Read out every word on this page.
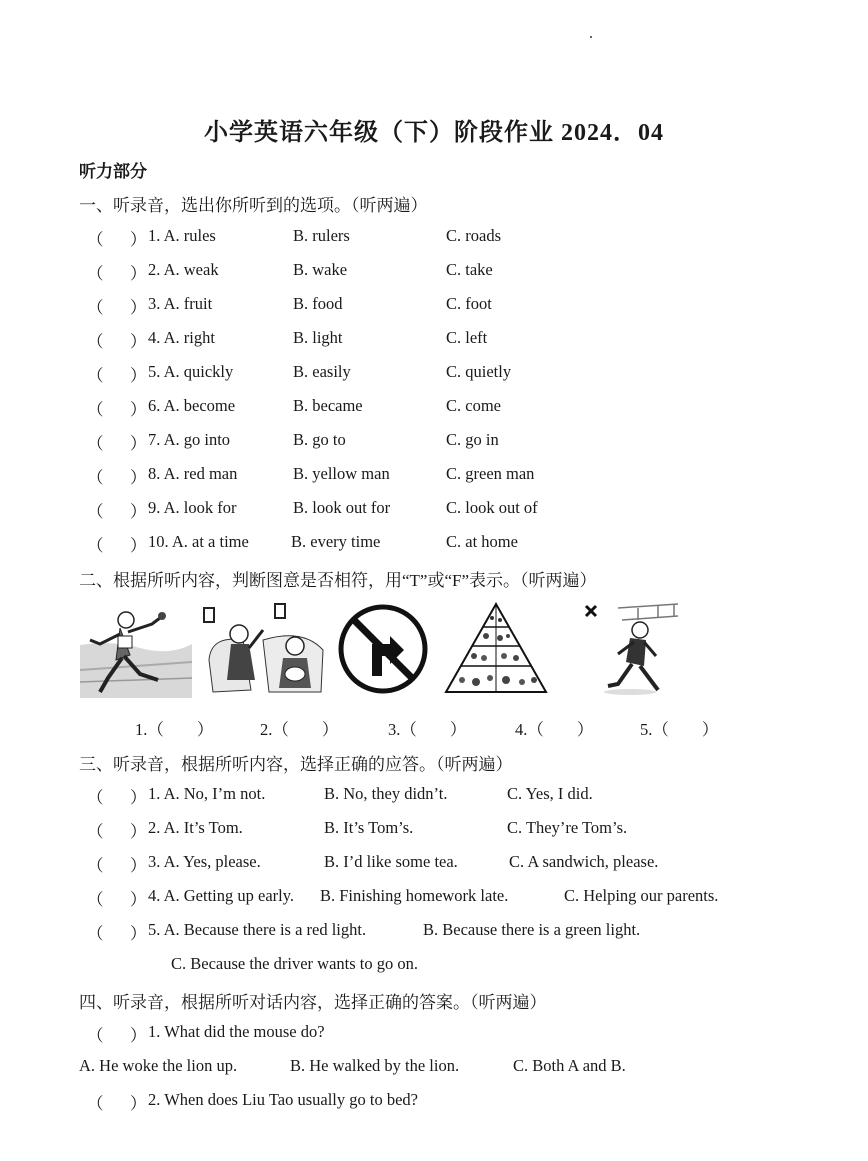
小学英语六年级（下）阶段作业 2024．04
听力部分
一、听录音，选出你所听到的选项。（听两遍）
（ ） 1. A. rules	B. rulers	C. roads
（ ） 2. A. weak	B. wake	C. take
（ ） 3. A. fruit	B. food	C. foot
（ ） 4. A. right	B. light	C. left
（ ） 5. A. quickly	B. easily	C. quietly
（ ） 6. A. become	B. became	C. come
（ ） 7. A. go into	B. go to	C. go in
（ ） 8. A. red man	B. yellow man	C. green man
（ ） 9. A. look for	B. look out for	C. look out of
（ ） 10. A. at a time	B. every time	C. at home
二、根据所听内容，判断图意是否相符，用“T”或“F”表示。（听两遍）
1.（　　）	2.（　　）	3.（　　）	4.（　　）	5.（　　）
三、听录音，根据所听内容，选择正确的应答。（听两遍）
（ ） 1. A. No, I’m not.	B. No, they didn’t.	C. Yes, I did.
（ ） 2. A. It’s Tom.	B. It’s Tom’s.	C. They’re Tom’s.
（ ） 3. A. Yes, please.	B. I’d like some tea.	C. A sandwich, please.
（ ） 4. A. Getting up early. B. Finishing homework late.	C. Helping our parents.
（ ） 5. A. Because there is a red light.	B. Because there is a green light.
C. Because the driver wants to go on.
四、听录音，根据所听对话内容，选择正确的答案。（听两遍）
（ ） 1. What did the mouse do?
A. He woke the lion up.	B. He walked by the lion.	C. Both A and B.
（ ） 2. When does Liu Tao usually go to bed?
